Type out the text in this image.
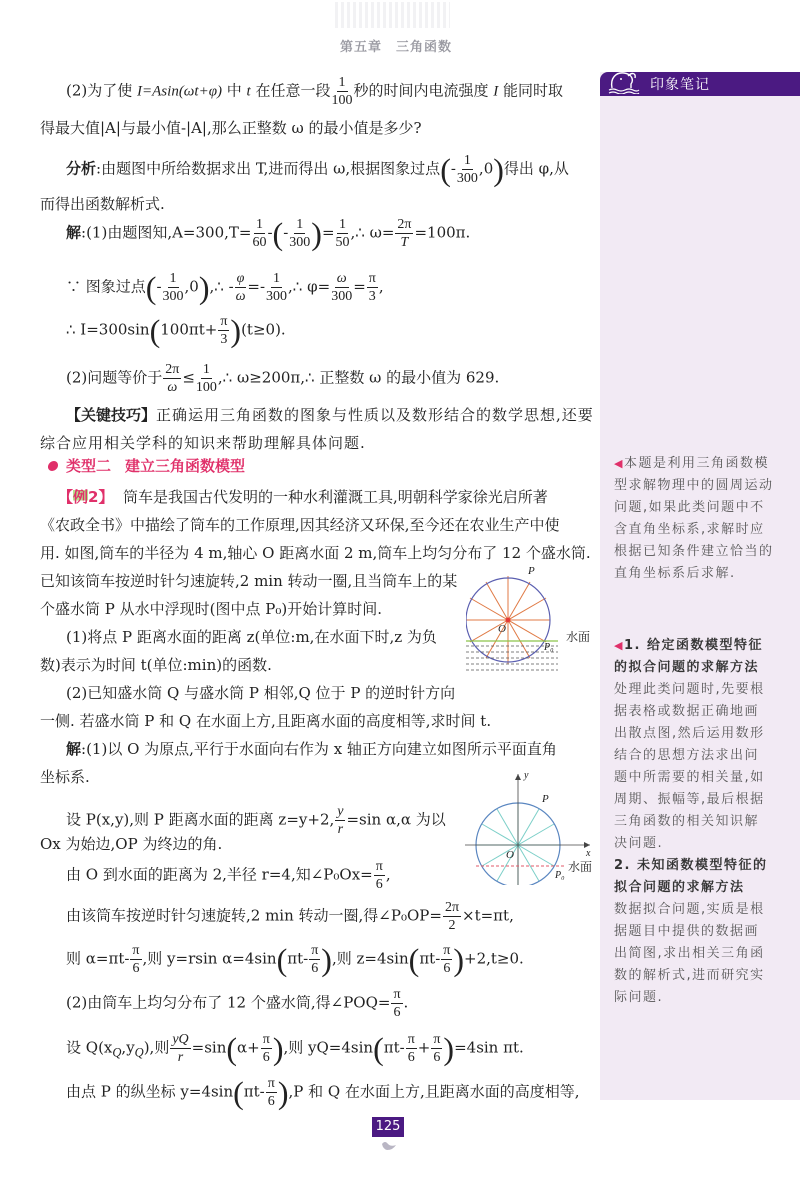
第五章 三角函数
印象笔记
◀本题是利用三角函数模
型求解物理中的圆周运动
问题,如果此类问题中不
含直角坐标系,求解时应
根据已知条件建立恰当的
直角坐标系后求解.
◀1. 给定函数模型特征
的拟合问题的求解方法
处理此类问题时,先要根
据表格或数据正确地画
出散点图,然后运用数形
结合的思想方法求出问
题中所需要的相关量,如
周期、振幅等,最后根据
三角函数的相关知识解
决问题.
2. 未知函数模型特征的
拟合问题的求解方法
数据拟合问题,实质是根
据题目中提供的数据画
出简图,求出相关三角函
数的解析式,进而研究实
际问题.
(2)为了使 I=Asin(ωt+φ) 中 t 在任意一段 $\frac{1}{100}$ 秒的时间内电流强度 I 能同时取
得最大值|A|与最小值-|A|,那么正整数 ω 的最小值是多少?
分析:由题图中所给数据求出 T,进而得出 ω,根据图象过点(- $\frac{1}{300} ,0$)得出 φ,从
而得出函数解析式.
解:(1)由题图知$,A=300,T= \frac{1}{60}$ -(- $\frac{1}{300}$ )= $\frac{1}{50}$ ,∴ $\omega= \frac{2\pi}{T} =100\pi$.
∵ 图象过点(- $\frac{1}{300}$ ,0),∴ - $\frac{\varphi}{\omega} =- \frac{1}{300}$ ,∴ $\varphi= \frac{\omega}{300} = \frac{\pi}{3}$ ,
∴ $I=300\sin(100\pi t+ \frac{\pi}{3} )(t\ge 0)$.
(2)问题等价于 $\frac{2\pi}{\omega} \le \frac{1}{100}$ ,∴ ω≥200π,∴ 正整数 ω 的最小值为 629.
【关键技巧】正确运用三角函数的图象与性质以及数形结合的数学思想,还要
综合应用相关学科的知识来帮助理解具体问题.
类型二 建立三角函数模型
【例2】 筒车是我国古代发明的一种水利灌溉工具,明朝科学家徐光启所著
《农政全书》中描绘了筒车的工作原理,因其经济又环保,至今还在农业生产中使
用. 如图,筒车的半径为 4 m,轴心 O 距离水面 2 m,筒车上均匀分布了 12 个盛水筒.
已知该筒车按逆时针匀速旋转,2 min 转动一圈,且当筒车上的某
个盛水筒 P 从水中浮现时(图中点 P₀)开始计算时间.
(1)将点 P 距离水面的距离 z(单位:m,在水面下时,z 为负
数)表示为时间 t(单位:min)的函数.
(2)已知盛水筒 Q 与盛水筒 P 相邻,Q 位于 P 的逆时针方向
一侧. 若盛水筒 P 和 Q 在水面上方,且距离水面的高度相等,求时间 t.
解:(1)以 O 为原点,平行于水面向右作为 x 轴正方向建立如图所示平面直角
坐标系.
P
O
P₀
水面
设 P(x,y),则 P 距离水面的距离 z=y+2, $\frac{y}{r} =\sin$ α,α 为以
Ox 为始边,OP 为终边的角.
由 O 到水面的距离为 2,半径 r=4,知∠P₀Ox= $\frac{\pi}{6}$ ,
y
x
P
O
P₀
水面
由该筒车按逆时针匀速旋转,2 min 转动一圈,得∠P₀OP= $\frac{2\pi}{2} \times t=\pi t$,
则 $\alpha=\pi t- \frac{\pi}{6}$ ,则 y=rsin $\alpha=4\sin(\pi t- \frac{\pi}{6}$ ),则 $z=4\sin(\pi t- \frac{\pi}{6} )+2,t\ge 0$.
(2)由筒车上均匀分布了 12 个盛水筒,得∠POQ= $\frac{\pi}{6}$ .
设 $Q(x_Q,y_Q)$,则 $\frac{yQ}{r} =\sin(\alpha+ \frac{\pi}{6}$ ),则 $yQ=4\sin(\pi t- \frac{\pi}{6} + \frac{\pi}{6} )=4\sin$ πt.
由点 P 的纵坐标 $y=4\sin(\pi t- \frac{\pi}{6} ),P$ 和 Q 在水面上方,且距离水面的高度相等,
125
